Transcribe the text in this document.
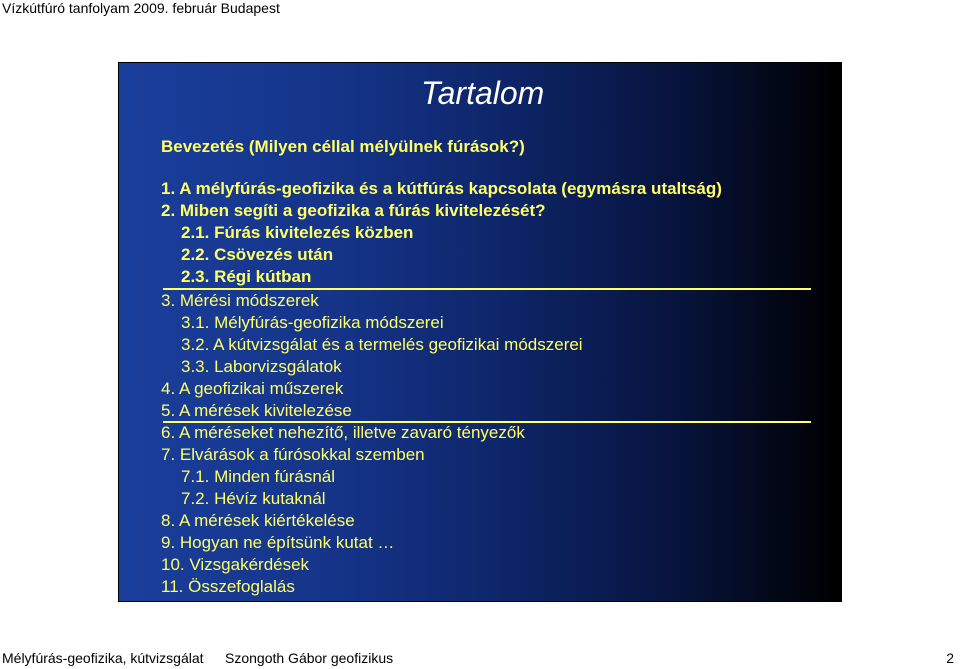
Vízkútfúró tanfolyam 2009. február Budapest
Tartalom
Bevezetés (Milyen céllal mélyülnek fúrások?)
1. A mélyfúrás-geofizika és a kútfúrás kapcsolata (egymásra utaltság)
2. Miben segíti a geofizika a fúrás kivitelezését?
2.1. Fúrás kivitelezés közben
2.2. Csövezés után
2.3. Régi kútban
3. Mérési módszerek
3.1. Mélyfúrás-geofizika módszerei
3.2. A kútvizsgálat és a termelés geofizikai módszerei
3.3. Laborvizsgálatok
4. A geofizikai műszerek
5. A mérések kivitelezése
6. A méréseket nehezítő, illetve zavaró tényezők
7. Elvárások a fúrósokkal szemben
7.1. Minden fúrásnál
7.2. Hévíz kutaknál
8. A mérések kiértékelése
9. Hogyan ne építsünk kutat …
10. Vizsgakérdések
11. Összefoglalás
Mélyfúrás-geofizika, kútvizsgálat Szongoth Gábor geofizikus	2
